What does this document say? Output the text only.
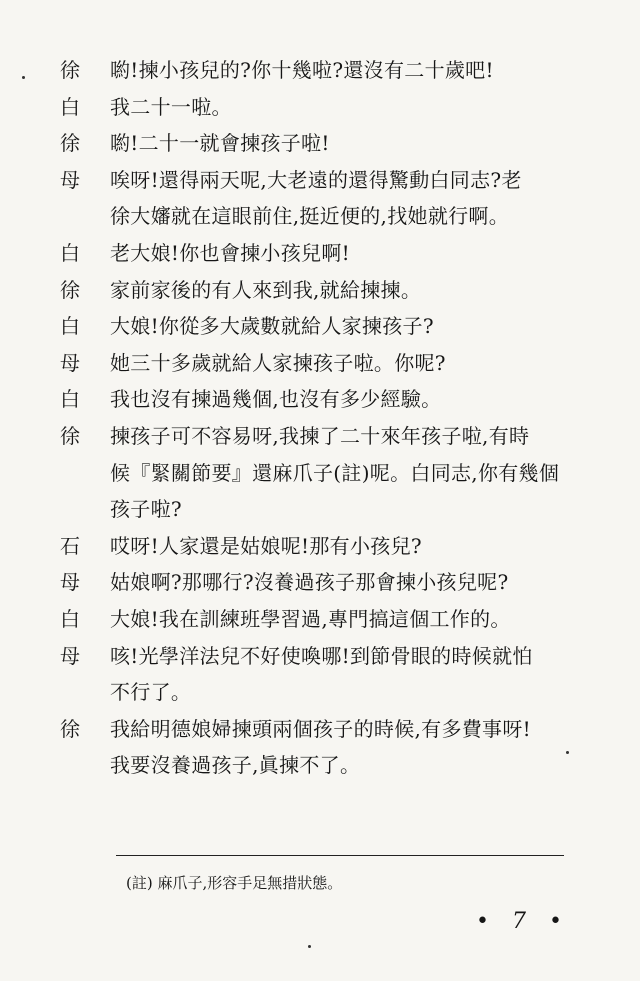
徐	喲!揀小孩兒的?你十幾啦?還沒有二十歲吧!
白	我二十一啦。
徐	喲!二十一就會揀孩子啦!
母	唉呀!還得兩天呢,大老遠的還得驚動白同志?老
徐大嬸就在這眼前住,挺近便的,找她就行啊。
白	老大娘!你也會揀小孩兒啊!
徐	家前家後的有人來到我,就給揀揀。
白	大娘!你從多大歲數就給人家揀孩子?
母	她三十多歲就給人家揀孩子啦。你呢?
白	我也沒有揀過幾個,也沒有多少經驗。
徐	揀孩子可不容易呀,我揀了二十來年孩子啦,有時
候『緊關節要』還麻爪子(註)呢。白同志,你有幾個
孩子啦?
石	哎呀!人家還是姑娘呢!那有小孩兒?
母	姑娘啊?那哪行?沒養過孩子那會揀小孩兒呢?
白	大娘!我在訓練班學習過,專門搞這個工作的。
母	咳!光學洋法兒不好使喚哪!到節骨眼的時候就怕
不行了。
徐	我給明德娘婦揀頭兩個孩子的時候,有多費事呀!
我要沒養過孩子,眞揀不了。
(註) 麻爪子,形容手足無措狀態。
• 7 •
